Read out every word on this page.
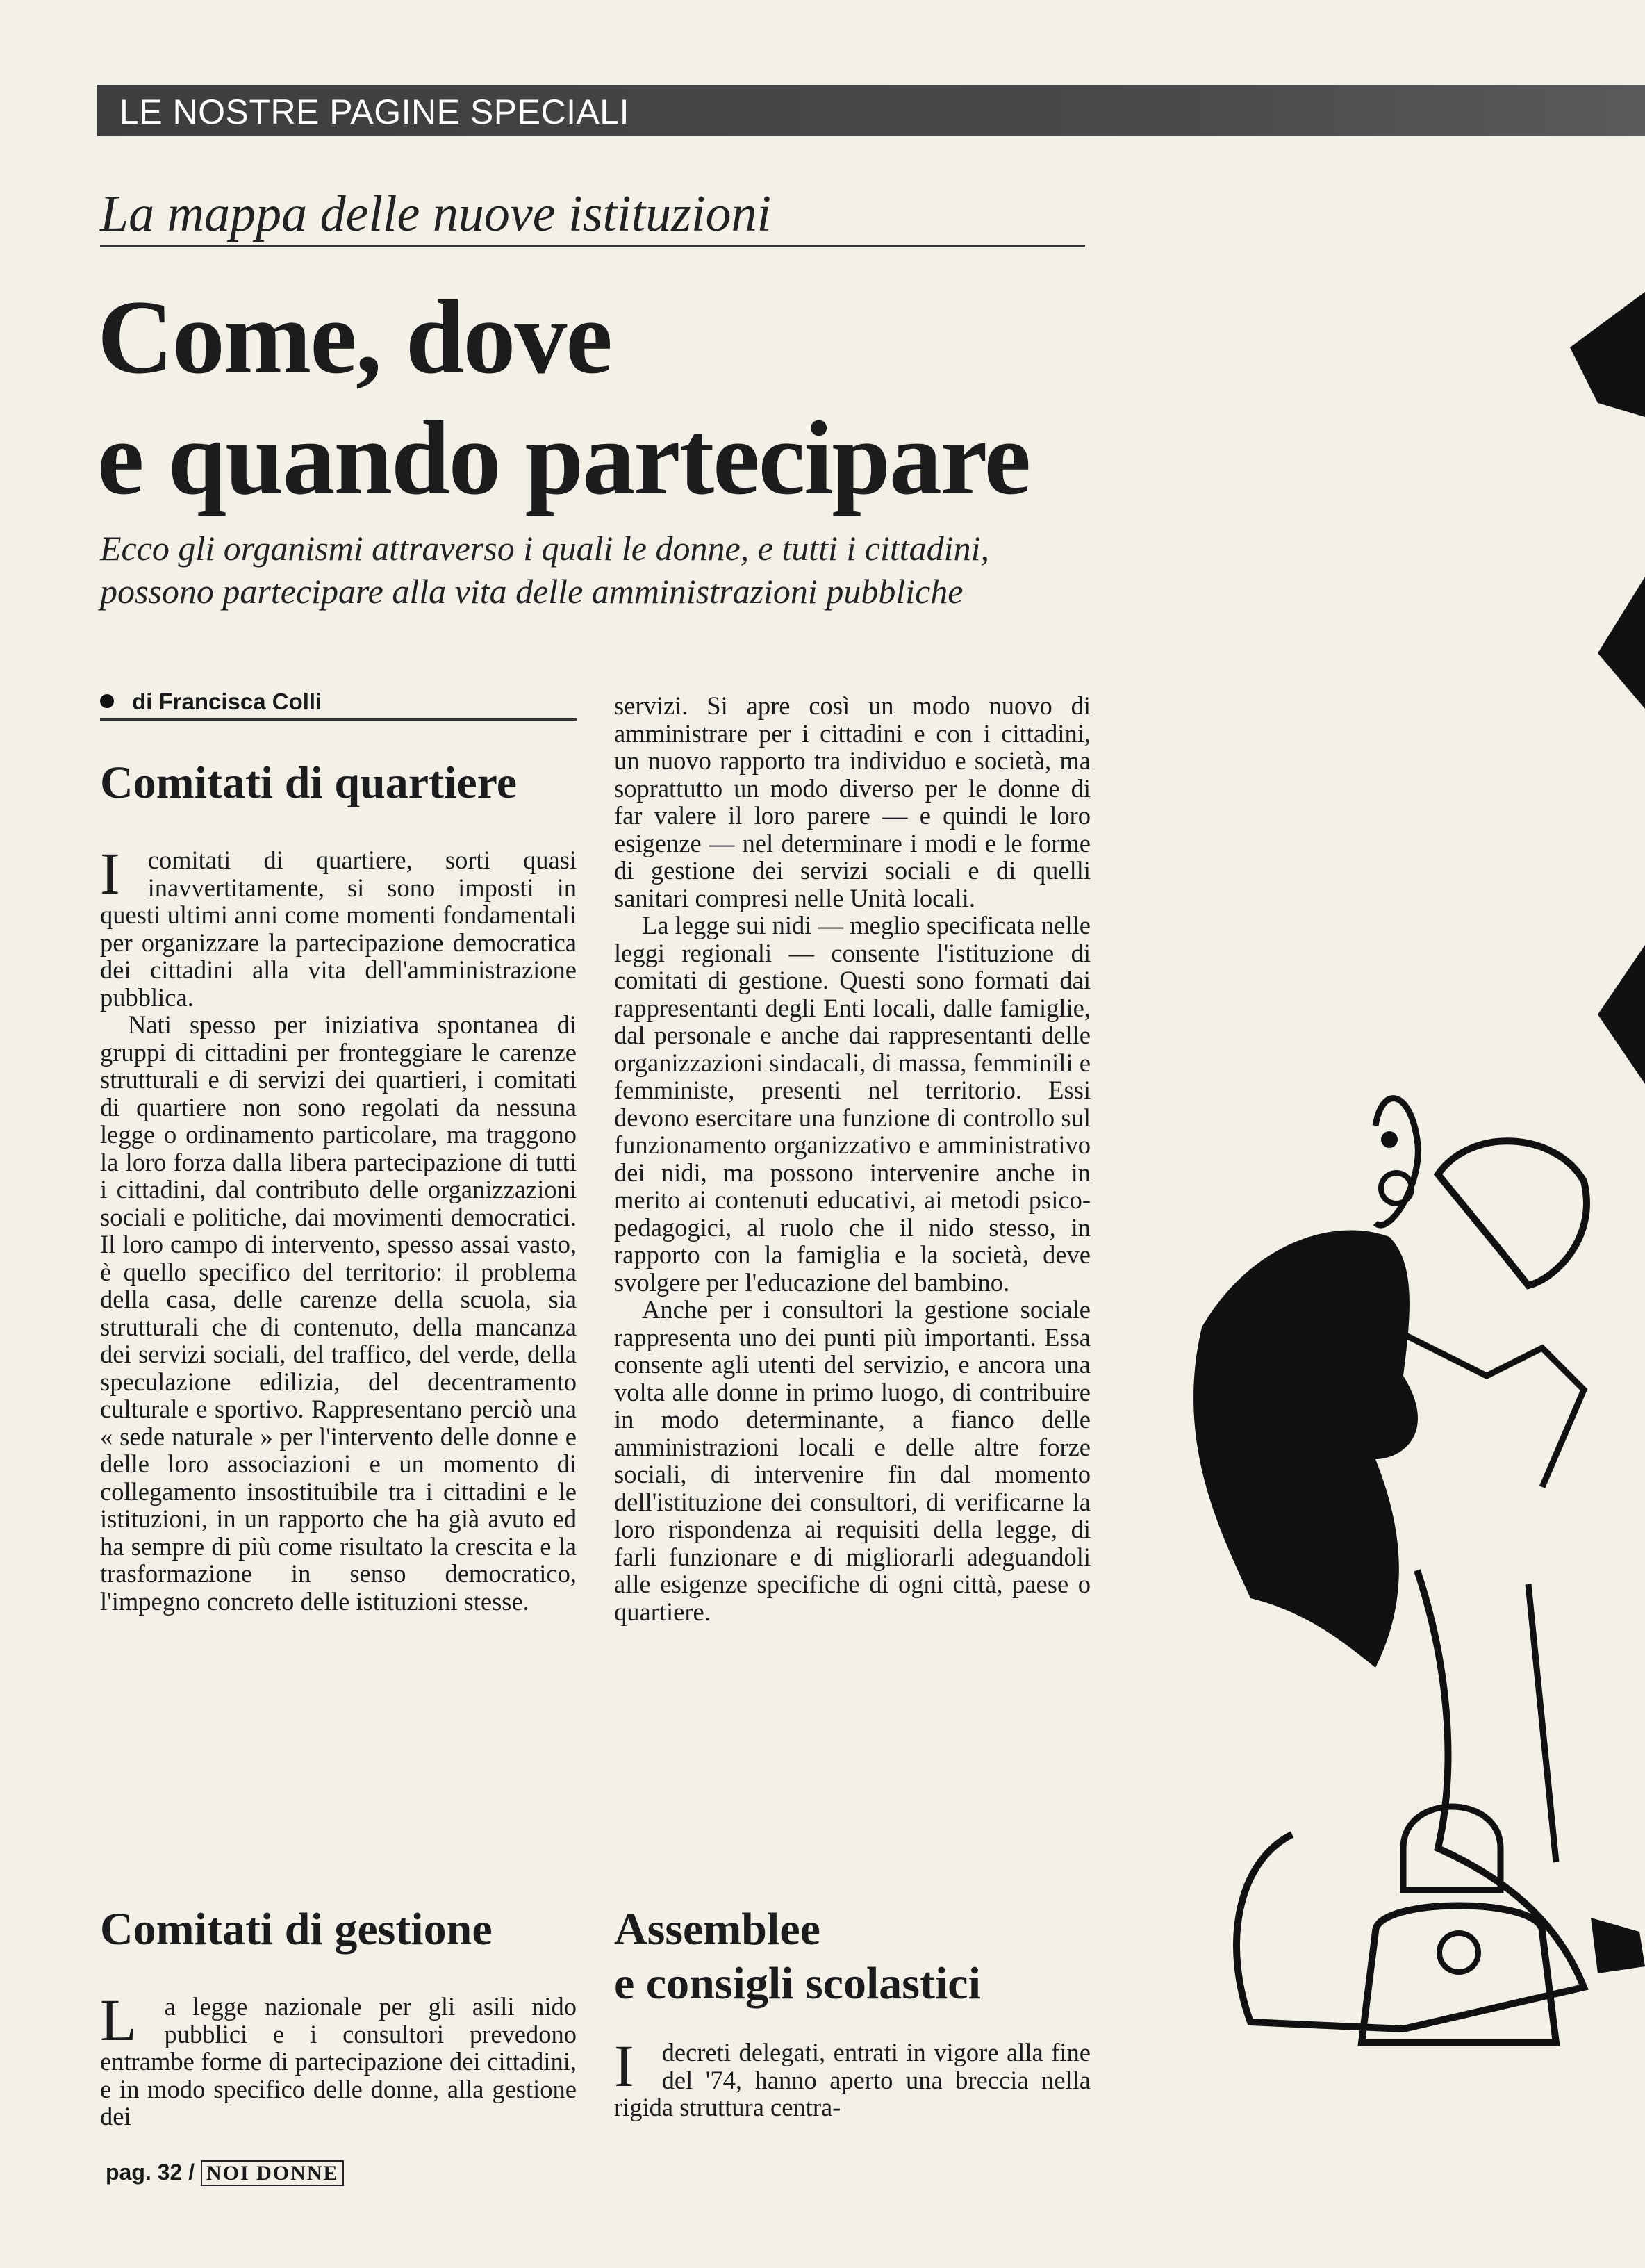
LE NOSTRE PAGINE SPECIALI
La mappa delle nuove istituzioni
Come, dove
e quando partecipare
Ecco gli organismi attraverso i quali le donne, e tutti i cittadini, possono partecipare alla vita delle amministrazioni pubbliche
di Francisca Colli
Comitati di quartiere

I comitati di quartiere, sorti quasi inavvertitamente, si sono imposti in questi ultimi anni come momenti fondamentali per organizzare la partecipazione democratica dei cittadini alla vita dell'amministrazione pubblica.

Nati spesso per iniziativa spontanea di gruppi di cittadini per fronteggiare le carenze strutturali e di servizi dei quartieri, i comitati di quartiere non sono regolati da nessuna legge o ordinamento particolare, ma traggono la loro forza dalla libera partecipazione di tutti i cittadini, dal contributo delle organizzazioni sociali e politiche, dai movimenti democratici. Il loro campo di intervento, spesso assai vasto, è quello specifico del territorio: il problema della casa, delle carenze della scuola, sia strutturali che di contenuto, della mancanza dei servizi sociali, del traffico, del verde, della speculazione edilizia, del decentramento culturale e sportivo. Rappresentano perciò una « sede naturale » per l'intervento delle donne e delle loro associazioni e un momento di collegamento insostituibile tra i cittadini e le istituzioni, in un rapporto che ha già avuto ed ha sempre di più come risultato la crescita e la trasformazione in senso democratico, l'impegno concreto delle istituzioni stesse.

Comitati di gestione

L a legge nazionale per gli asili nido pubblici e i consultori prevedono entrambe forme di partecipazione dei cittadini, e in modo specifico delle donne, alla gestione dei

servizi. Si apre così un modo nuovo di amministrare per i cittadini e con i cittadini, un nuovo rapporto tra individuo e società, ma soprattutto un modo diverso per le donne di far valere il loro parere — e quindi le loro esigenze — nel determinare i modi e le forme di gestione dei servizi sociali e di quelli sanitari compresi nelle Unità locali.

La legge sui nidi — meglio specificata nelle leggi regionali — consente l'istituzione di comitati di gestione. Questi sono formati dai rappresentanti degli Enti locali, dalle famiglie, dal personale e anche dai rappresentanti delle organizzazioni sindacali, di massa, femminili e femministe, presenti nel territorio. Essi devono esercitare una funzione di controllo sul funzionamento organizzativo e amministrativo dei nidi, ma possono intervenire anche in merito ai contenuti educativi, ai metodi psico-pedagogici, al ruolo che il nido stesso, in rapporto con la famiglia e la società, deve svolgere per l'educazione del bambino.

Anche per i consultori la gestione sociale rappresenta uno dei punti più importanti. Essa consente agli utenti del servizio, e ancora una volta alle donne in primo luogo, di contribuire in modo determinante, a fianco delle amministrazioni locali e delle altre forze sociali, di intervenire fin dal momento dell'istituzione dei consultori, di verificarne la loro rispondenza ai requisiti della legge, di farli funzionare e di migliorarli adeguandoli alle esigenze specifiche di ogni città, paese o quartiere.

Assemblee
e consigli scolastici

I decreti delegati, entrati in vigore alla fine del '74, hanno aperto una breccia nella rigida struttura centra-

pag. 32 / NOI DONNE
